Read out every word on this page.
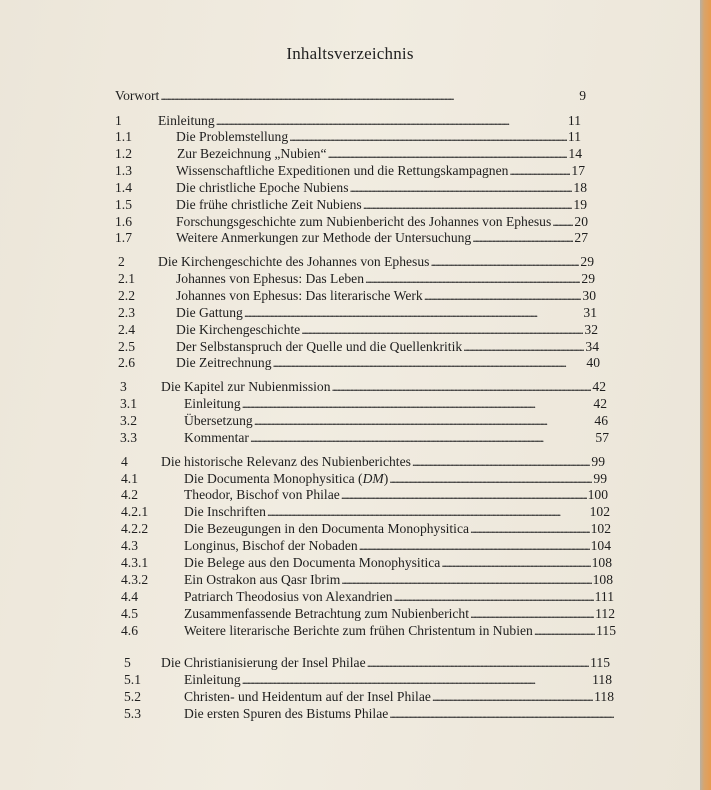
Inhaltsverzeichnis
Vorwort . . .	9
1	Einleitung . . .	11
1.1	Die Problemstellung . . .	11
1.2	Zur Bezeichnung „Nubien“ . . .	14
1.3	Wissenschaftliche Expeditionen und die Rettungskampagnen . . .	17
1.4	Die christliche Epoche Nubiens . . .	18
1.5	Die frühe christliche Zeit Nubiens . . .	19
1.6	Forschungsgeschichte zum Nubienbericht des Johannes von Ephesus . . . 20
1.7	Weitere Anmerkungen zur Methode der Untersuchung . . .	27
2 Die Kirchengeschichte des Johannes von Ephesus . . .	29
2.1	Johannes von Ephesus: Das Leben . . .	29
2.2	Johannes von Ephesus: Das literarische Werk . . .	30
2.3	Die Gattung . . .	31
2.4	Die Kirchengeschichte . . .	32
2.5	Der Selbstanspruch der Quelle und die Quellenkritik . . .	34
2.6	Die Zeitrechnung . . .	40
3	Die Kapitel zur Nubienmission . . .	42
3.1	Einleitung . . .	42
3.2	Übersetzung . . .	46
3.3	Kommentar . . .	57
4 Die historische Relevanz des Nubienberichtes . . .	99
4.1	Die Documenta Monophysitica (DM) . . .	99
4.2	Theodor, Bischof von Philae . . .	100
4.2.1	Die Inschriften . . .	102
4.2.2	Die Bezeugungen in den Documenta Monophysitica . . .	102
4.3	Longinus, Bischof der Nobaden . . .	104
4.3.1	Die Belege aus den Documenta Monophysitica . . .	108
4.3.2	Ein Ostrakon aus Qasr Ibrim . . .	108
4.4	Patriarch Theodosius von Alexandrien . . .	111
4.5	Zusammenfassende Betrachtung zum Nubienbericht . . .	112
4.6	Weitere literarische Berichte zum frühen Christentum in Nubien . . .	115
5 Die Christianisierung der Insel Philae . . .	115
5.1	Einleitung . . .	118
5.2	Christen- und Heidentum auf der Insel Philae . . .	118
5.3	Die ersten Spuren des Bistums Philae
. . .
